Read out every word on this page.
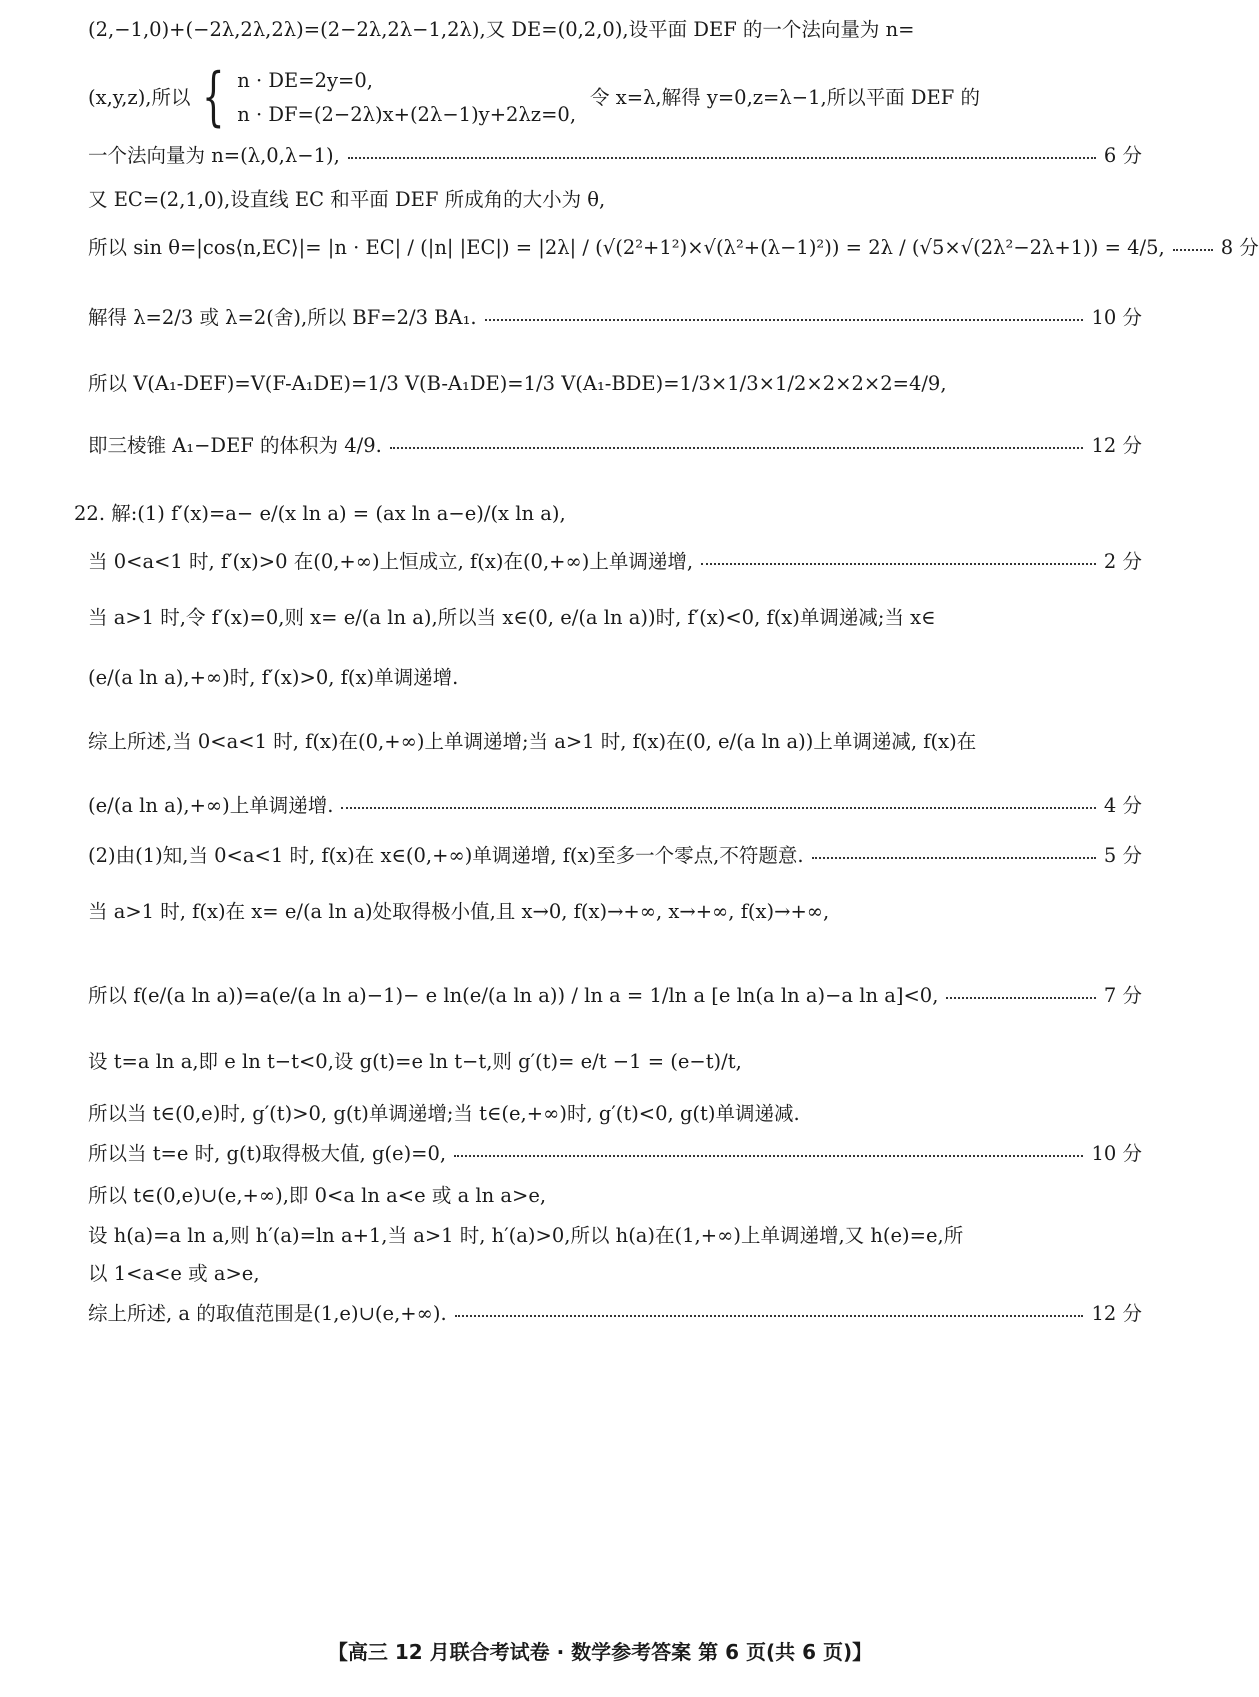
(2,−1,0)+(−2λ,2λ,2λ)=(2−2λ,2λ−1,2λ),又 DE=(0,2,0),设平面 DEF 的一个法向量为 n=
(x,y,z),所以 { n · DE=2y=0,
n · DF=(2−2λ)x+(2λ−1)y+2λz=0,
令 x=λ,解得 y=0,z=λ−1,所以平面 DEF 的
一个法向量为 n=(λ,0,λ−1),	6 分
又 EC=(2,1,0),设直线 EC 和平面 DEF 所成角的大小为 θ,
所以 sin θ=|cos⟨n,EC⟩|= |n · EC| / (|n| |EC|) = |2λ| / (√(2²+1²)×√(λ²+(λ−1)²)) = 2λ / (√5×√(2λ²−2λ+1)) = 4/5,	8 分
解得 λ=2/3 或 λ=2(舍),所以 BF=2/3 BA₁.	10 分
所以 V(A₁-DEF)=V(F-A₁DE)=1/3 V(B-A₁DE)=1/3 V(A₁-BDE)=1/3×1/3×1/2×2×2×2=4/9,
即三棱锥 A₁−DEF 的体积为 4/9.	12 分
22. 解:(1) f′(x)=a− e/(x ln a) = (ax ln a−e)/(x ln a),
当 0<a<1 时, f′(x)>0 在(0,+∞)上恒成立, f(x)在(0,+∞)上单调递增,	2 分
当 a>1 时,令 f′(x)=0,则 x= e/(a ln a),所以当 x∈(0, e/(a ln a))时, f′(x)<0, f(x)单调递减;当 x∈
(e/(a ln a),+∞)时, f′(x)>0, f(x)单调递增.
综上所述,当 0<a<1 时, f(x)在(0,+∞)上单调递增;当 a>1 时, f(x)在(0, e/(a ln a))上单调递减, f(x)在
(e/(a ln a),+∞)上单调递增.	4 分
(2)由(1)知,当 0<a<1 时, f(x)在 x∈(0,+∞)单调递增, f(x)至多一个零点,不符题意.	5 分
当 a>1 时, f(x)在 x= e/(a ln a)处取得极小值,且 x→0, f(x)→+∞, x→+∞, f(x)→+∞,
所以 f(e/(a ln a))=a(e/(a ln a)−1)− e ln(e/(a ln a)) / ln a = 1/ln a [e ln(a ln a)−a ln a]<0,	7 分
设 t=a ln a,即 e ln t−t<0,设 g(t)=e ln t−t,则 g′(t)= e/t −1 = (e−t)/t,
所以当 t∈(0,e)时, g′(t)>0, g(t)单调递增;当 t∈(e,+∞)时, g′(t)<0, g(t)单调递减.
所以当 t=e 时, g(t)取得极大值, g(e)=0,	10 分
所以 t∈(0,e)∪(e,+∞),即 0<a ln a<e 或 a ln a>e,
设 h(a)=a ln a,则 h′(a)=ln a+1,当 a>1 时, h′(a)>0,所以 h(a)在(1,+∞)上单调递增,又 h(e)=e,所
以 1<a<e 或 a>e,
综上所述, a 的取值范围是(1,e)∪(e,+∞).	12 分
【高三 12 月联合考试卷 · 数学参考答案 第 6 页(共 6 页)】
